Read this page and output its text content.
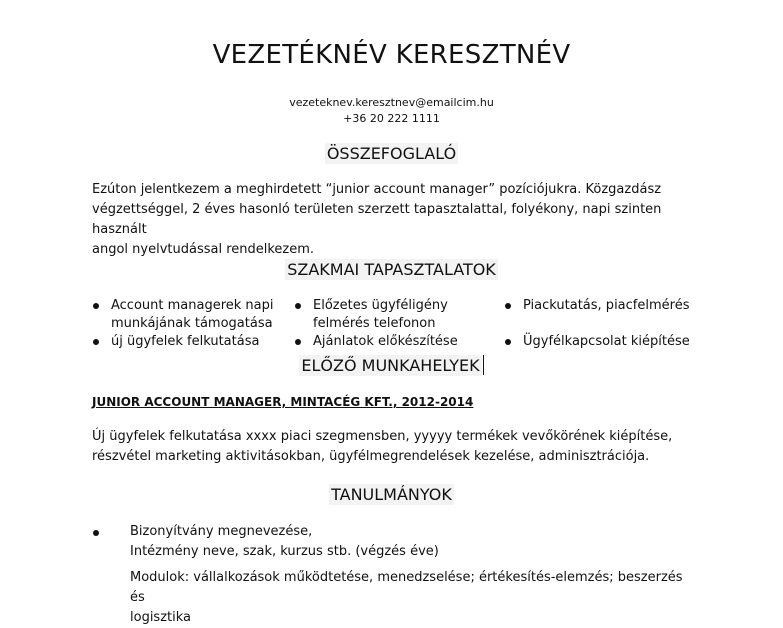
VEZETÉKNÉV KERESZTNÉV
vezeteknev.keresztnev@emailcim.hu
+36 20 222 1111
ÖSSZEFOGLALÓ
Ezúton jelentkezem a meghirdetett “junior account manager” pozíciójukra. Közgazdász
végzettséggel, 2 éves hasonló területen szerzett tapasztalattal, folyékony, napi szinten használt
angol nyelvtudással rendelkezem.
SZAKMAI TAPASZTALATOK
Account managerek napi
munkájának támogatása
Előzetes ügyféligény
felmérés telefonon
Piackutatás, piacfelmérés
új ügyfelek felkutatása	Ajánlatok előkészítése	Ügyfélkapcsolat kiépítése
ELŐZŐ MUNKAHELYEK
JUNIOR ACCOUNT MANAGER, MINTACÉG KFT., 2012-2014
Új ügyfelek felkutatása xxxx piaci szegmensben, yyyyy termékek vevőkörének kiépítése,
részvétel marketing aktivitásokban, ügyfélmegrendelések kezelése, adminisztrációja.
TANULMÁNYOK
Bizonyítvány megnevezése,
Intézmény neve, szak, kurzus stb. (végzés éve)
Modulok: vállalkozások működtetése, menedzselése; értékesítés-elemzés; beszerzés és
logisztika
